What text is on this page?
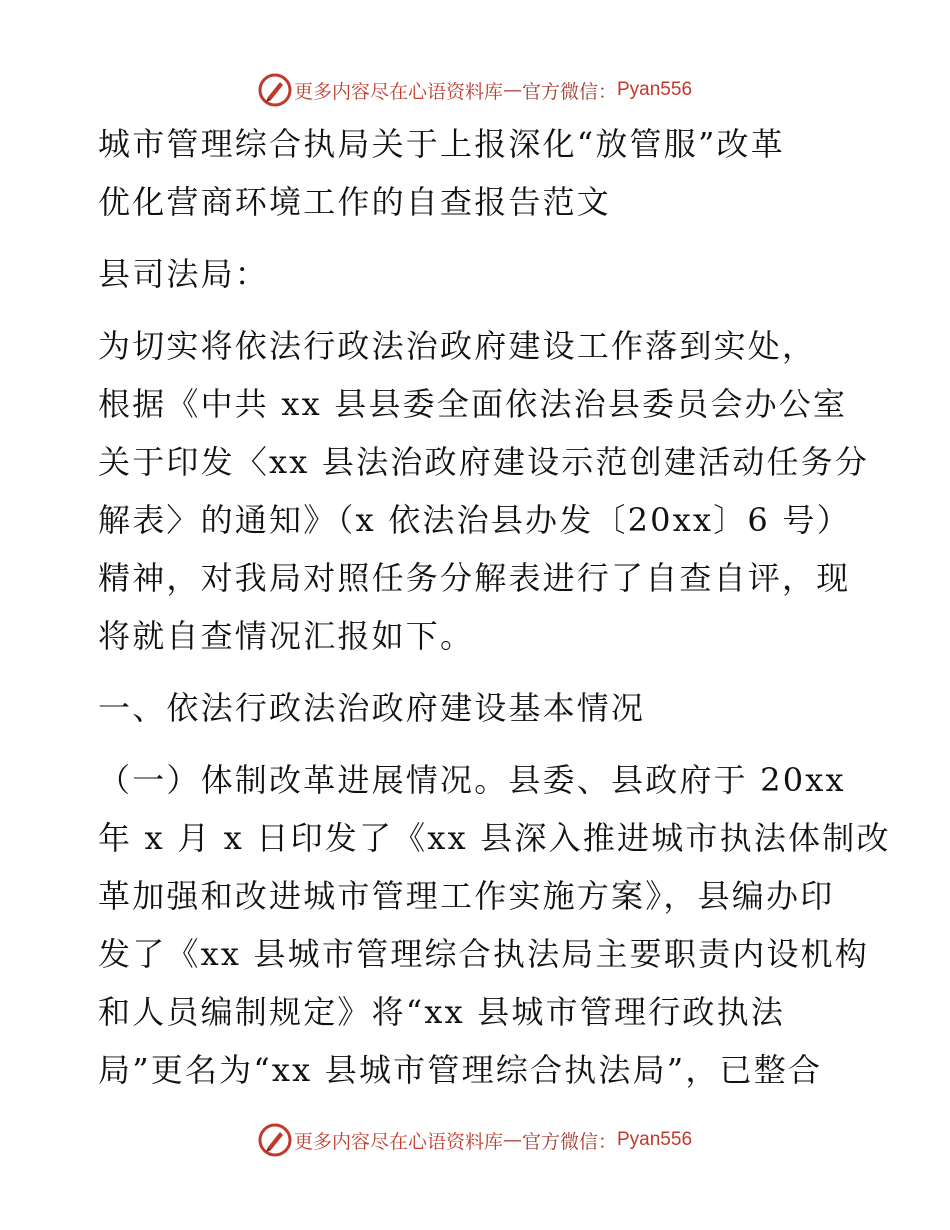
更多内容尽在心语资料库 — 官方微信： Pyan556
城市管理综合执局关于上报深化“放管服”改革
优化营商环境工作的自查报告范文
县司法局：
为切实将依法行政法治政府建设工作落到实处，
根据《中共 xx 县县委全面依法治县委员会办公室
关于印发〈xx 县法治政府建设示范创建活动任务分
解表〉的通知》（x 依法治县办发〔20xx〕6 号）
精神，对我局对照任务分解表进行了自查自评，现
将就自查情况汇报如下。
一、依法行政法治政府建设基本情况
（一）体制改革进展情况。县委、县政府于 20xx
年 x 月 x 日印发了《xx 县深入推进城市执法体制改
革加强和改进城市管理工作实施方案》，县编办印
发了《xx 县城市管理综合执法局主要职责内设机构
和人员编制规定》将“xx 县城市管理行政执法
局”更名为“xx 县城市管理综合执法局”，已整合
更多内容尽在心语资料库 — 官方微信： Pyan556
